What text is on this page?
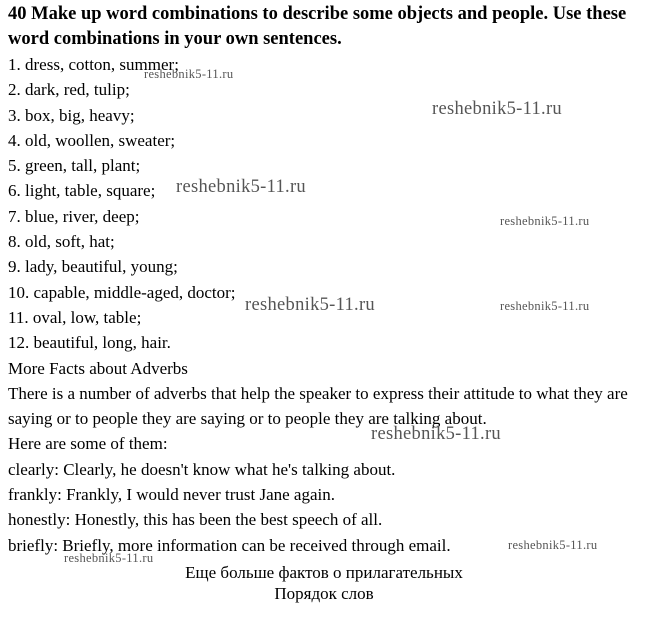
40 Make up word combinations to describe some objects and people. Use these word combinations in your own sentences.

1. dress, cotton, summer;
2. dark, red, tulip;
3. box, big, heavy;
4. old, woollen, sweater;
5. green, tall, plant;
6. light, table, square;
7. blue, river, deep;
8. old, soft, hat;
9. lady, beautiful, young;
10. capable, middle-aged, doctor;
11. oval, low, table;
12. beautiful, long, hair.
More Facts about Adverbs
There is a number of adverbs that help the speaker to express their attitude to what they are saying or to people they are saying or to people they are talking about.
Here are some of them:
clearly: Clearly, he doesn't know what he's talking about.
frankly: Frankly, I would never trust Jane again.
honestly: Honestly, this has been the best speech of all.
briefly: Briefly, more information can be received through email.
Еще больше фактов о прилагательных
Порядок слов
reshebnik5-11.ru
reshebnik5-11.ru
reshebnik5-11.ru
reshebnik5-11.ru
reshebnik5-11.ru	reshebnik5-11.ru
reshebnik5-11.ru
reshebnik5-11.ru
reshebnik5-11.ru
